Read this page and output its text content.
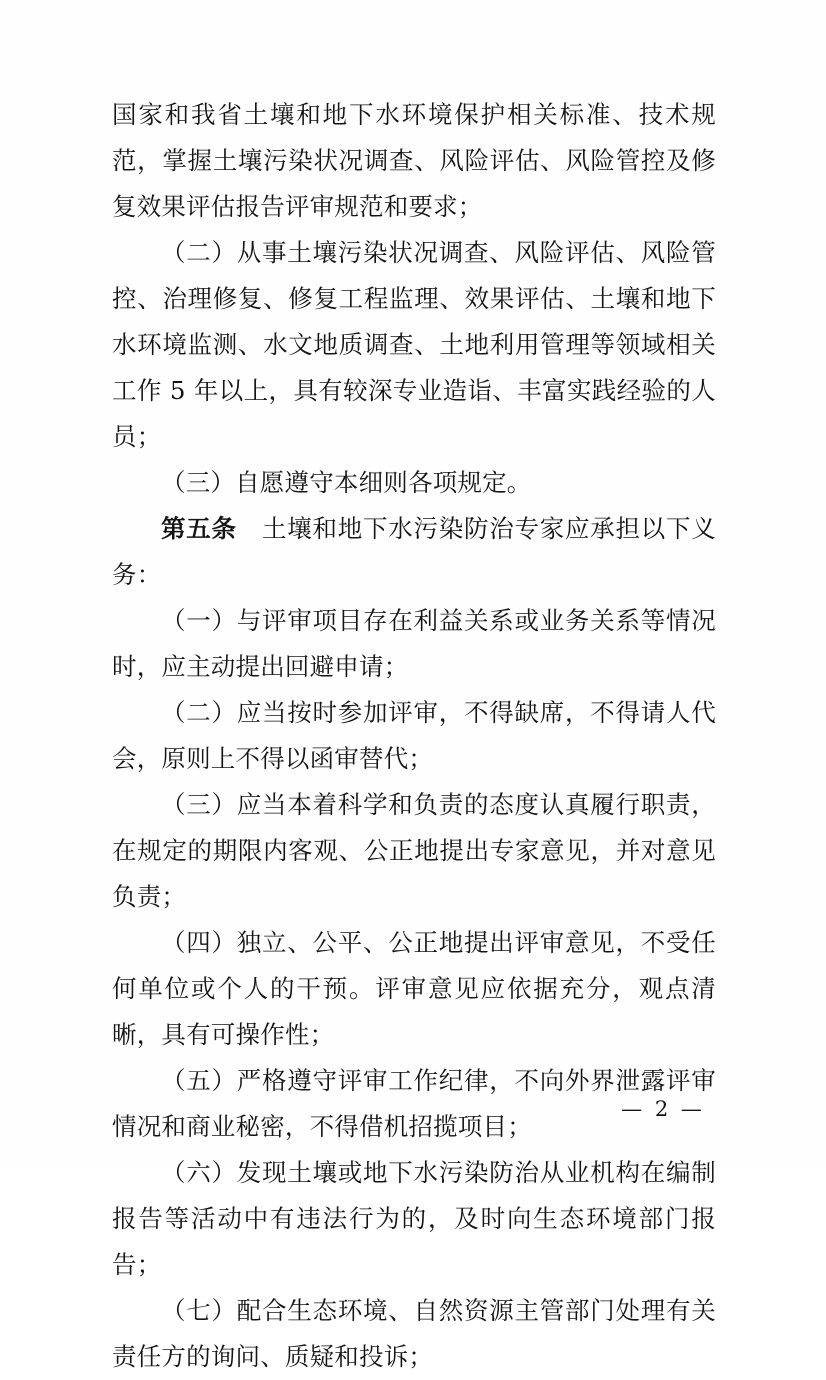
国家和我省土壤和地下水环境保护相关标准、技术规范，掌握土壤污染状况调查、风险评估、风险管控及修复效果评估报告评审规范和要求；

（二）从事土壤污染状况调查、风险评估、风险管控、治理修复、修复工程监理、效果评估、土壤和地下水环境监测、水文地质调查、土地利用管理等领域相关工作 5 年以上，具有较深专业造诣、丰富实践经验的人员；

（三）自愿遵守本细则各项规定。

第五条　土壤和地下水污染防治专家应承担以下义务：

（一）与评审项目存在利益关系或业务关系等情况时，应主动提出回避申请；

（二）应当按时参加评审，不得缺席，不得请人代会，原则上不得以函审替代；

（三）应当本着科学和负责的态度认真履行职责，在规定的期限内客观、公正地提出专家意见，并对意见负责；

（四）独立、公平、公正地提出评审意见，不受任何单位或个人的干预。评审意见应依据充分，观点清晰，具有可操作性；

（五）严格遵守评审工作纪律，不向外界泄露评审情况和商业秘密，不得借机招揽项目；

（六）发现土壤或地下水污染防治从业机构在编制报告等活动中有违法行为的，及时向生态环境部门报告；

（七）配合生态环境、自然资源主管部门处理有关责任方的询问、质疑和投诉；

— 2 —
